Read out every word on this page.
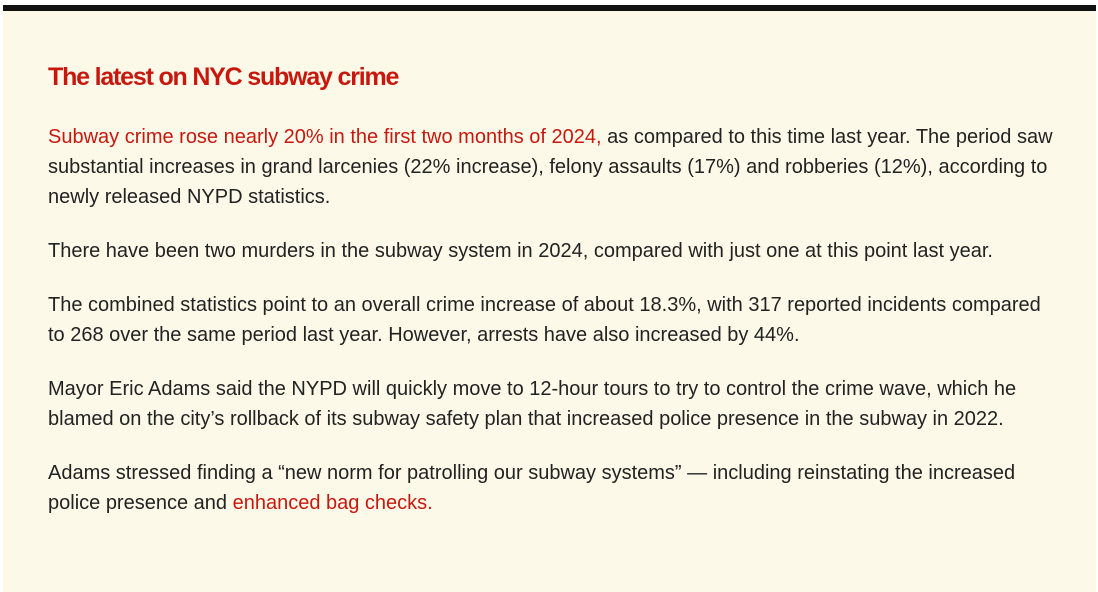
The latest on NYC subway crime

Subway crime rose nearly 20% in the first two months of 2024, as compared to this time last year. The period saw substantial increases in grand larcenies (22% increase), felony assaults (17%) and robberies (12%), according to newly released NYPD statistics.

There have been two murders in the subway system in 2024, compared with just one at this point last year.

The combined statistics point to an overall crime increase of about 18.3%, with 317 reported incidents compared to 268 over the same period last year. However, arrests have also increased by 44%.

Mayor Eric Adams said the NYPD will quickly move to 12-hour tours to try to control the crime wave, which he blamed on the city’s rollback of its subway safety plan that increased police presence in the subway in 2022.

Adams stressed finding a “new norm for patrolling our subway systems” — including reinstating the increased police presence and enhanced bag checks.
